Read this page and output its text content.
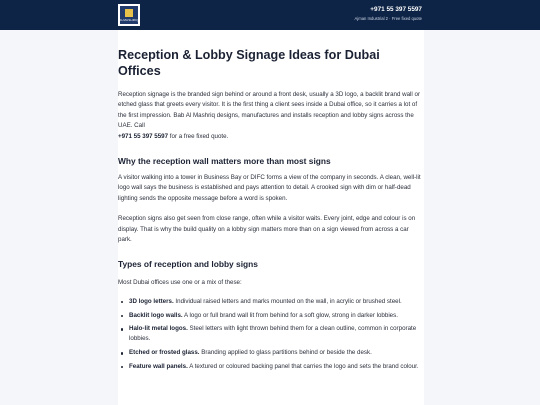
ALMASHRIQ
+971 55 397 5597
Ajman Industrial 2 · Free fixed quote
Reception & Lobby Signage Ideas for Dubai Offices

Reception signage is the branded sign behind or around a front desk, usually a 3D logo, a backlit brand wall or etched glass that greets every visitor. It is the first thing a client sees inside a Dubai office, so it carries a lot of the first impression. Bab Al Mashriq designs, manufactures and installs reception and lobby signs across the UAE. Call
+971 55 397 5597 for a free fixed quote.

Why the reception wall matters more than most signs

A visitor walking into a tower in Business Bay or DIFC forms a view of the company in seconds. A clean, well-lit logo wall says the business is established and pays attention to detail. A crooked sign with dim or half-dead lighting sends the opposite message before a word is spoken.

Reception signs also get seen from close range, often while a visitor waits. Every joint, edge and colour is on display. That is why the build quality on a lobby sign matters more than on a sign viewed from across a car park.

Types of reception and lobby signs

Most Dubai offices use one or a mix of these:

3D logo letters. Individual raised letters and marks mounted on the wall, in acrylic or brushed steel.
Backlit logo walls. A logo or full brand wall lit from behind for a soft glow, strong in darker lobbies.
Halo-lit metal logos. Steel letters with light thrown behind them for a clean outline, common in corporate lobbies.
Etched or frosted glass. Branding applied to glass partitions behind or beside the desk.
Feature wall panels. A textured or coloured backing panel that carries the logo and sets the brand colour.
